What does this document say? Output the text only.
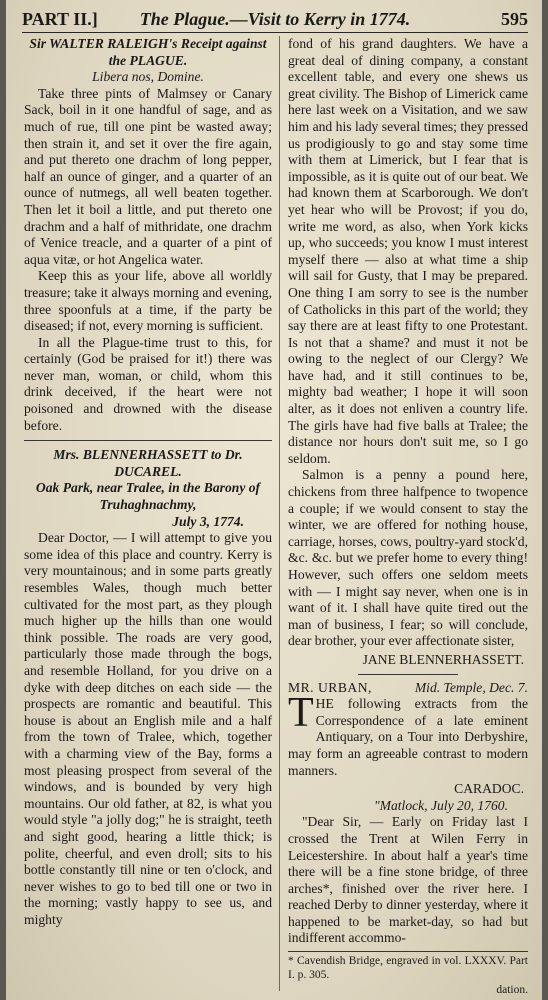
PART II.]	The Plague.—Visit to Kerry in 1774.	595

Sir WALTER RALEIGH's Receipt against the PLAGUE.

Libera nos, Domine.

Take three pints of Malmsey or Canary Sack, boil in it one handful of sage, and as much of rue, till one pint be wasted away; then strain it, and set it over the fire again, and put thereto one drachm of long pepper, half an ounce of ginger, and a quarter of an ounce of nutmegs, all well beaten together. Then let it boil a little, and put thereto one drachm and a half of mithridate, one drachm of Venice treacle, and a quarter of a pint of aqua vitæ, or hot Angelica water.

Keep this as your life, above all worldly treasure; take it always morning and evening, three spoonfuls at a time, if the party be diseased; if not, every morning is sufficient.

In all the Plague-time trust to this, for certainly (God be praised for it!) there was never man, woman, or child, whom this drink deceived, if the heart were not poisoned and drowned with the disease before.

Mrs. BLENNERHASSETT to Dr. DUCAREL.

Oak Park, near Tralee, in the Barony of Truhaghnachmy,

July 3, 1774.

Dear Doctor, — I will attempt to give you some idea of this place and country. Kerry is very mountainous; and in some parts greatly resembles Wales, though much better cultivated for the most part, as they plough much higher up the hills than one would think possible. The roads are very good, particularly those made through the bogs, and resemble Holland, for you drive on a dyke with deep ditches on each side — the prospects are romantic and beautiful. This house is about an English mile and a half from the town of Tralee, which, together with a charming view of the Bay, forms a most pleasing prospect from several of the windows, and is bounded by very high mountains. Our old father, at 82, is what you would style "a jolly dog;" he is straight, teeth and sight good, hearing a little thick; is polite, cheerful, and even droll; sits to his bottle constantly till nine or ten o'clock, and never wishes to go to bed till one or two in the morning; vastly happy to see us, and mighty

fond of his grand daughters. We have a great deal of dining company, a constant excellent table, and every one shews us great civility. The Bishop of Limerick came here last week on a Visitation, and we saw him and his lady several times; they pressed us prodigiously to go and stay some time with them at Limerick, but I fear that is impossible, as it is quite out of our beat. We had known them at Scarborough. We don't yet hear who will be Provost; if you do, write me word, as also, when York kicks up, who succeeds; you know I must interest myself there — also at what time a ship will sail for Gusty, that I may be prepared. One thing I am sorry to see is the number of Catholicks in this part of the world; they say there are at least fifty to one Protestant. Is not that a shame? and must it not be owing to the neglect of our Clergy? We have had, and it still continues to be, mighty bad weather; I hope it will soon alter, as it does not enliven a country life. The girls have had five balls at Tralee; the distance nor hours don't suit me, so I go seldom.

Salmon is a penny a pound here, chickens from three halfpence to twopence a couple; if we would consent to stay the winter, we are offered for nothing house, carriage, horses, cows, poultry-yard stock'd, &c. &c. but we prefer home to every thing! However, such offers one seldom meets with — I might say never, when one is in want of it. I shall have quite tired out the man of business, I fear; so will conclude, dear brother, your ever affectionate sister,

JANE BLENNERHASSETT.

MR. URBAN,	Mid. Temple, Dec. 7.

THE following extracts from the Correspondence of a late eminent Antiquary, on a Tour into Derbyshire, may form an agreeable contrast to modern manners.

CARADOC.

"Matlock, July 20, 1760.

"Dear Sir, — Early on Friday last I crossed the Trent at Wilen Ferry in Leicestershire. In about half a year's time there will be a fine stone bridge, of three arches*, finished over the river here. I reached Derby to dinner yesterday, where it happened to be market-day, so had but indifferent accommo-

* Cavendish Bridge, engraved in vol. LXXXV. Part I. p. 305.

dation.
